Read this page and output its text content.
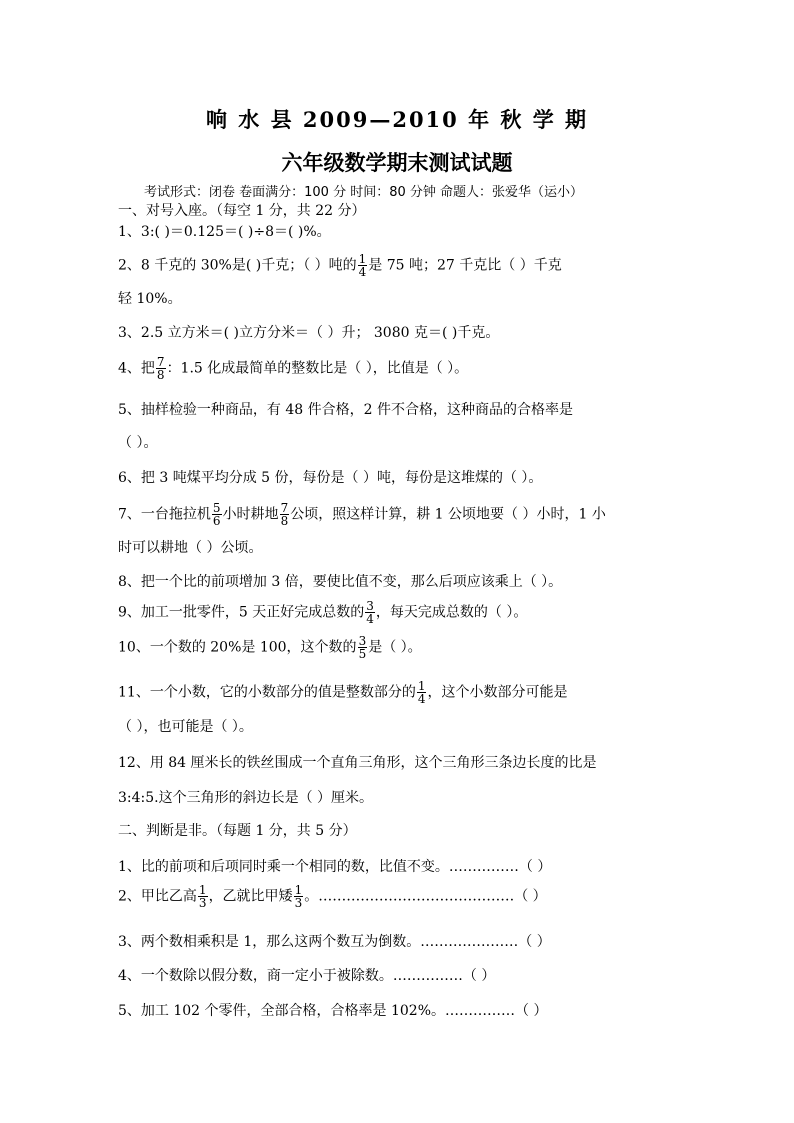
响 水 县 2009—2010 年 秋 学 期
六年级数学期末测试试题
考试形式：闭卷 卷面满分：100 分 时间：80 分钟 命题人：张爱华（运小）
一、对号入座。（每空 1 分，共 22 分）
1、3:( )＝0.125＝( )÷8＝( )%。
2、8 千克的 30%是( )千克；（ ）吨的 $\frac{1}{4}$ 是 75 吨；27 千克比（ ）千克
轻 10%。
3、2.5 立方米＝( )立方分米＝（ ）升； 3080 克＝( )千克。
4、把 $\frac{7}{8}$ ：1.5 化成最简单的整数比是（ ），比值是（ ）。
5、抽样检验一种商品，有 48 件合格，2 件不合格，这种商品的合格率是
（ ）。
6、把 3 吨煤平均分成 5 份，每份是（ ）吨，每份是这堆煤的（ ）。
7、一台拖拉机 $\frac{5}{6}$ 小时耕地 $\frac{7}{8}$ 公顷，照这样计算，耕 1 公顷地要（ ）小时，1 小
时可以耕地（ ）公顷。
8、把一个比的前项增加 3 倍，要使比值不变，那么后项应该乘上（ ）。
9、加工一批零件，5 天正好完成总数的 $\frac{3}{4}$ ，每天完成总数的（ ）。
10、一个数的 20%是 100，这个数的 $\frac{3}{5}$ 是（ ）。
11、一个小数，它的小数部分的值是整数部分的 $\frac{1}{4}$ ，这个小数部分可能是
（ ），也可能是（ ）。
12、用 84 厘米长的铁丝围成一个直角三角形，这个三角形三条边长度的比是
3:4:5.这个三角形的斜边长是（ ）厘米。
二、判断是非。（每题 1 分，共 5 分）
1、比的前项和后项同时乘一个相同的数，比值不变。……………（ ）
2、甲比乙高 $\frac{1}{3}$ ，乙就比甲矮 $\frac{1}{3}$ 。……………………………………（ ）
3、两个数相乘积是 1，那么这两个数互为倒数。…………………（ ）
4、一个数除以假分数，商一定小于被除数。……………（ ）
5、加工 102 个零件，全部合格，合格率是 102%。……………（ ）
